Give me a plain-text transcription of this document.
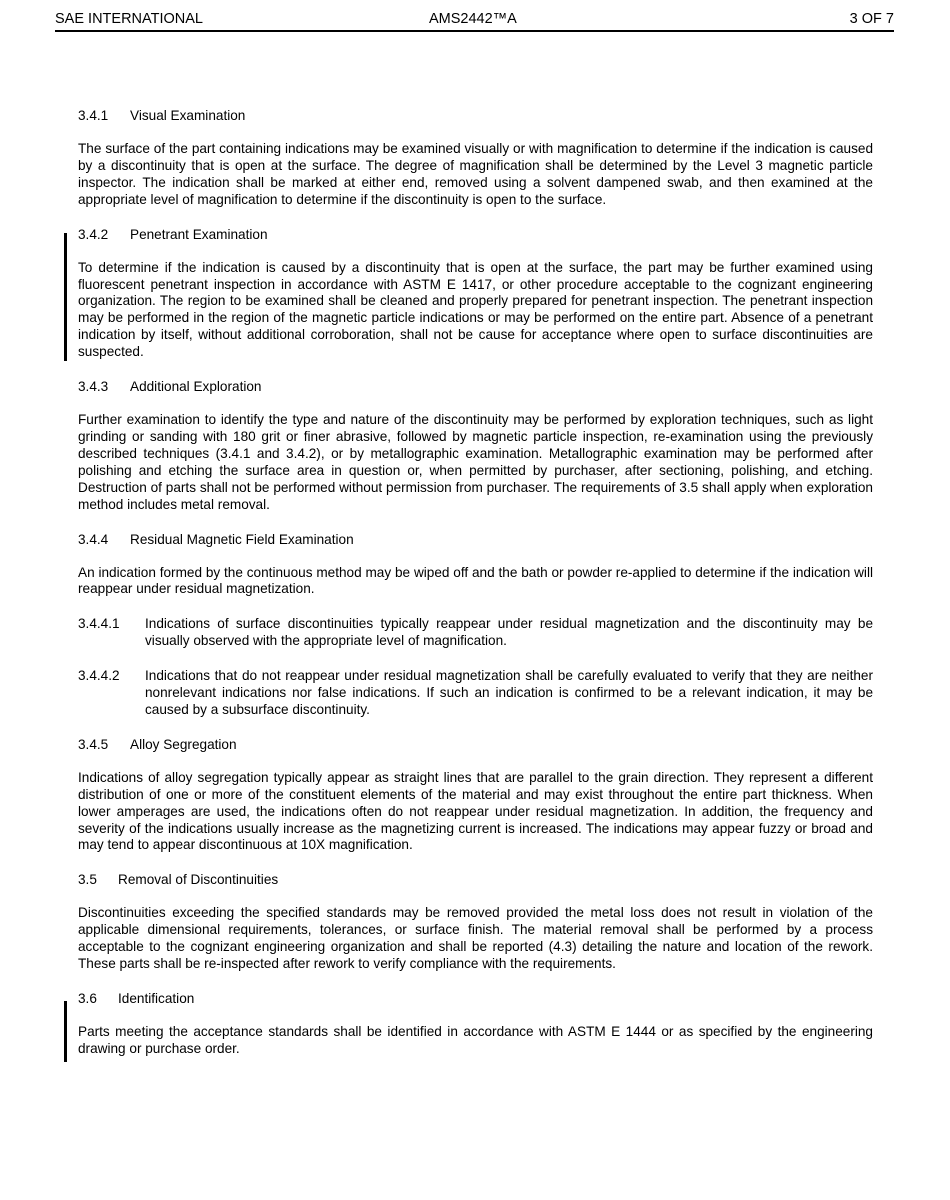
SAE INTERNATIONAL	AMS2442™A	3 OF 7
3.4.1 Visual Examination

The surface of the part containing indications may be examined visually or with magnification to determine if the indication is caused by a discontinuity that is open at the surface. The degree of magnification shall be determined by the Level 3 magnetic particle inspector. The indication shall be marked at either end, removed using a solvent dampened swab, and then examined at the appropriate level of magnification to determine if the discontinuity is open to the surface.

3.4.2 Penetrant Examination

To determine if the indication is caused by a discontinuity that is open at the surface, the part may be further examined using fluorescent penetrant inspection in accordance with ASTM E 1417, or other procedure acceptable to the cognizant engineering organization. The region to be examined shall be cleaned and properly prepared for penetrant inspection. The penetrant inspection may be performed in the region of the magnetic particle indications or may be performed on the entire part. Absence of a penetrant indication by itself, without additional corroboration, shall not be cause for acceptance where open to surface discontinuities are suspected.

3.4.3 Additional Exploration

Further examination to identify the type and nature of the discontinuity may be performed by exploration techniques, such as light grinding or sanding with 180 grit or finer abrasive, followed by magnetic particle inspection, re-examination using the previously described techniques (3.4.1 and 3.4.2), or by metallographic examination. Metallographic examination may be performed after polishing and etching the surface area in question or, when permitted by purchaser, after sectioning, polishing, and etching. Destruction of parts shall not be performed without permission from purchaser. The requirements of 3.5 shall apply when exploration method includes metal removal.

3.4.4 Residual Magnetic Field Examination

An indication formed by the continuous method may be wiped off and the bath or powder re-applied to determine if the indication will reappear under residual magnetization.

3.4.4.1	Indications of surface discontinuities typically reappear under residual magnetization and the discontinuity may be visually observed with the appropriate level of magnification.
3.4.4.2	Indications that do not reappear under residual magnetization shall be carefully evaluated to verify that they are neither nonrelevant indications nor false indications. If such an indication is confirmed to be a relevant indication, it may be caused by a subsurface discontinuity.
3.4.5 Alloy Segregation

Indications of alloy segregation typically appear as straight lines that are parallel to the grain direction. They represent a different distribution of one or more of the constituent elements of the material and may exist throughout the entire part thickness. When lower amperages are used, the indications often do not reappear under residual magnetization. In addition, the frequency and severity of the indications usually increase as the magnetizing current is increased. The indications may appear fuzzy or broad and may tend to appear discontinuous at 10X magnification.

3.5 Removal of Discontinuities

Discontinuities exceeding the specified standards may be removed provided the metal loss does not result in violation of the applicable dimensional requirements, tolerances, or surface finish. The material removal shall be performed by a process acceptable to the cognizant engineering organization and shall be reported (4.3) detailing the nature and location of the rework. These parts shall be re-inspected after rework to verify compliance with the requirements.

3.6 Identification

Parts meeting the acceptance standards shall be identified in accordance with ASTM E 1444 or as specified by the engineering drawing or purchase order.
